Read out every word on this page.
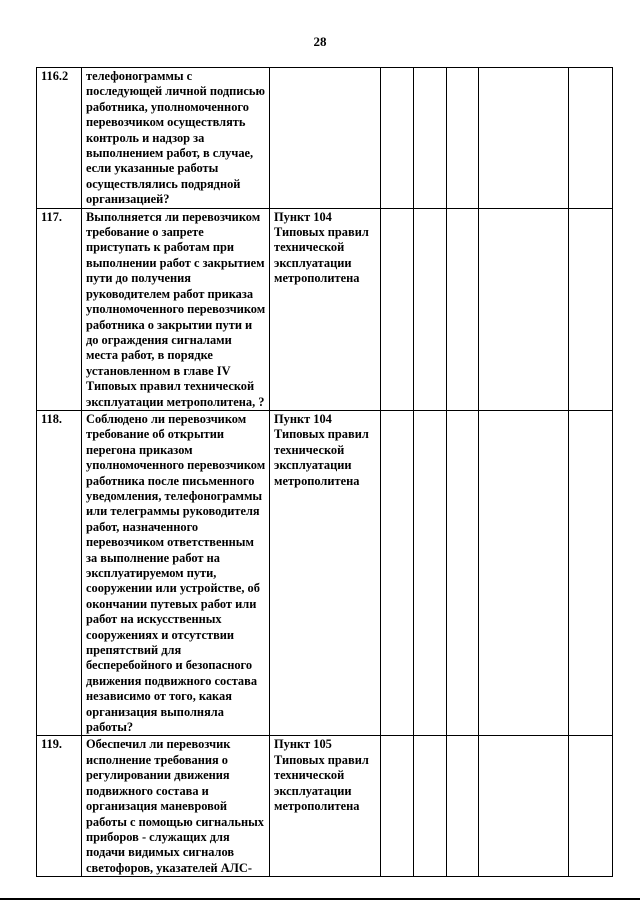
28
116.2	телефонограммы с последующей личной подписью работника, уполномоченного перевозчиком осуществлять контроль и надзор за выполнением работ, в случае, если указанные работы осуществлялись подрядной организацией?						
117.	Выполняется ли перевозчиком требование о запрете приступать к работам при выполнении работ с закрытием пути до получения руководителем работ приказа уполномоченного перевозчиком работника о закрытии пути и до ограждения сигналами места работ, в порядке установленном в главе IV Типовых правил технической эксплуатации метрополитена, ?	Пункт 104 Типовых правил технической эксплуатации метрополитена					
118.	Соблюдено ли перевозчиком требование об открытии перегона приказом уполномоченного перевозчиком работника после письменного уведомления, телефонограммы или телеграммы руководителя работ, назначенного перевозчиком ответственным за выполнение работ на эксплуатируемом пути, сооружении или устройстве, об окончании путевых работ или работ на искусственных сооружениях и отсутствии препятствий для бесперебойного и безопасного движения подвижного состава независимо от того, какая организация выполняла работы?	Пункт 104 Типовых правил технической эксплуатации метрополитена					
119.	Обеспечил ли перевозчик исполнение требования о регулировании движения подвижного состава и организация маневровой работы с помощью сигнальных приборов - служащих для подачи видимых сигналов светофоров, указателей АЛС-	Пункт 105 Типовых правил технической эксплуатации метрополитена					
